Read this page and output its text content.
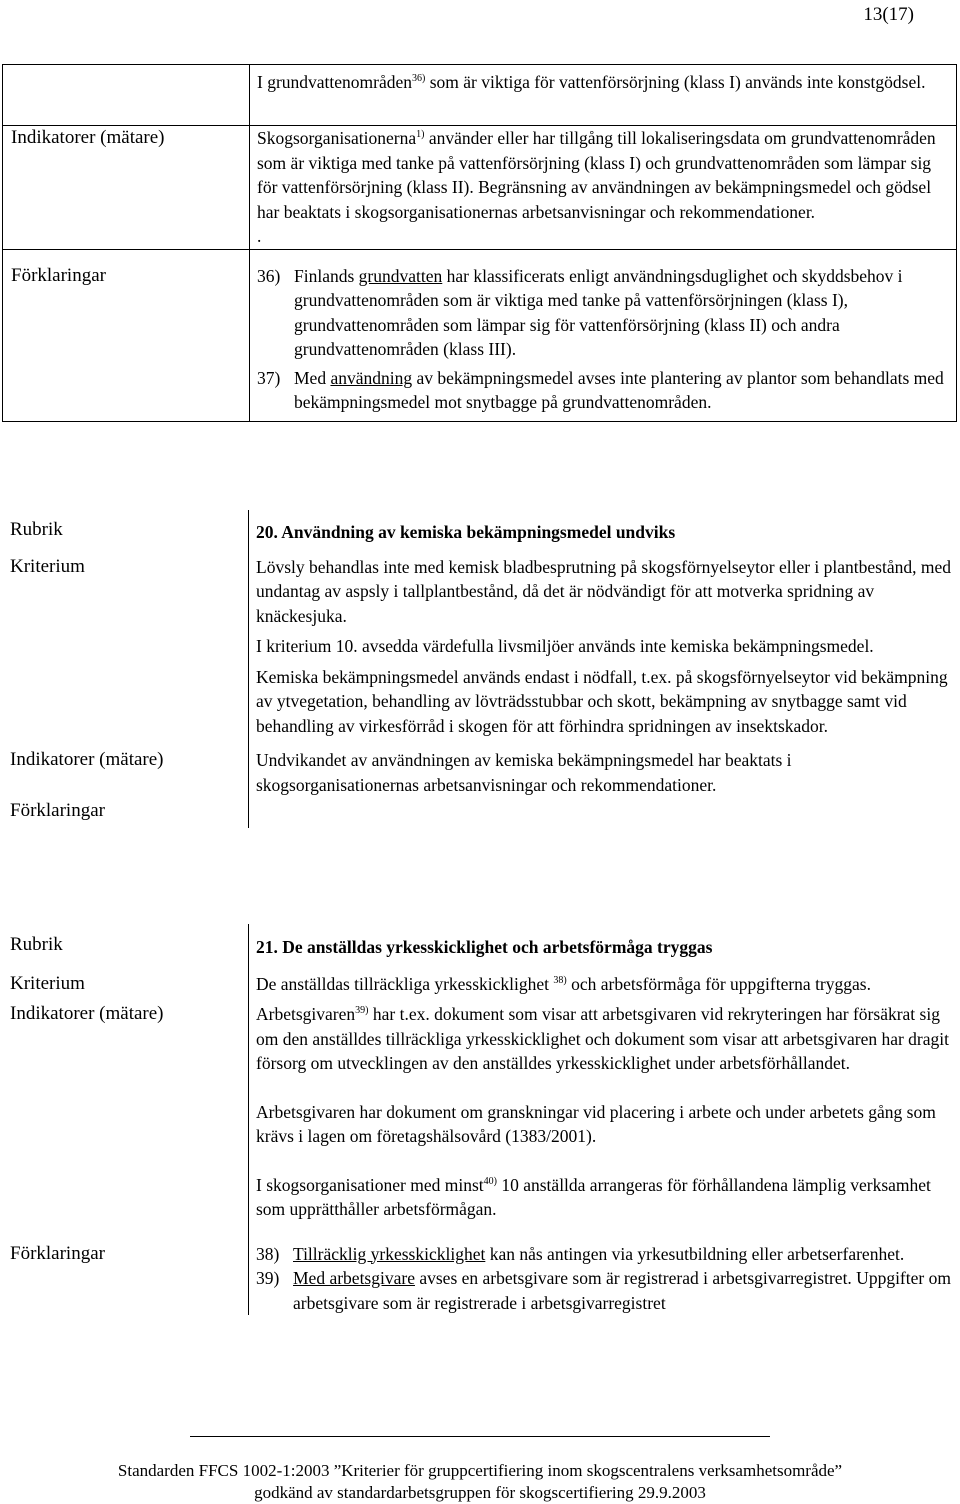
13(17)
	I grundvattenområden$^{36)}$ som är viktiga för vattenförsörjning (klass I) används inte konstgödsel.

Indikatorer (mätare)	Skogsorganisationerna$^{1)}$ använder eller har tillgång till lokaliseringsdata om grundvattenområden som är viktiga med tanke på vattenförsörjning (klass I) och grundvattenområden som lämpar sig för vattenförsörjning (klass II). Begränsning av användningen av bekämpningsmedel och gödsel har beaktats i skogsorganisationernas arbetsanvisningar och rekommendationer.
.

Förklaringar	36) Finlands grundvatten har klassificerats enligt användningsduglighet och skyddsbehov i grundvattenområden som är viktiga med tanke på vattenförsörjningen (klass I), grundvattenområden som lämpar sig för vattenförsörjning (klass II) och andra grundvattenområden (klass III).
37) Med användning av bekämpningsmedel avses inte plantering av plantor som behandlats med bekämpningsmedel mot snytbagge på grundvattenområden.
Rubrik	20. Användning av kemiska bekämpningsmedel undviks
Kriterium	Lövsly behandlas inte med kemisk bladbesprutning på skogsförnyelseytor eller i plantbestånd, med undantag av aspsly i tallplantbestånd, då det är nödvändigt för att motverka spridning av knäckesjuka.

I kriterium 10. avsedda värdefulla livsmiljöer används inte kemiska bekämpningsmedel.

Kemiska bekämpningsmedel används endast i nödfall, t.ex. på skogsförnyelseytor vid bekämpning av ytvegetation, behandling av lövträdsstubbar och skott, bekämpning av snytbagge samt vid behandling av virkesförråd i skogen för att förhindra spridningen av insektskador.

Indikatorer (mätare)	Undvikandet av användningen av kemiska bekämpningsmedel har beaktats i skogsorganisationernas arbetsanvisningar och rekommendationer.
Förklaringar	
Rubrik	21. De anställdas yrkesskicklighet och arbetsförmåga tryggas
Kriterium	De anställdas tillräckliga yrkesskicklighet $^{38)}$ och arbetsförmåga för uppgifterna tryggas.
Indikatorer (mätare)	Arbetsgivaren$^{39)}$ har t.ex. dokument som visar att arbetsgivaren vid rekryteringen har försäkrat sig om den anställdes tillräckliga yrkesskicklighet och dokument som visar att arbetsgivaren har dragit försorg om utvecklingen av den anställdes yrkesskicklighet under arbetsförhållandet.

Arbetsgivaren har dokument om granskningar vid placering i arbete och under arbetets gång som krävs i lagen om företagshälsovård (1383/2001).

I skogsorganisationer med minst$^{40)}$ 10 anställda arrangeras för förhållandena lämplig verksamhet som upprätthåller arbetsförmågan.

Förklaringar	38) Tillräcklig yrkesskicklighet kan nås antingen via yrkesutbildning eller arbetserfarenhet.
39) Med arbetsgivare avses en arbetsgivare som är registrerad i arbetsgivarregistret. Uppgifter om arbetsgivare som är registrerade i arbetsgivarregistret
Standarden FFCS 1002-1:2003 ”Kriterier för gruppcertifiering inom skogscentralens verksamhetsområde”
godkänd av standardarbetsgruppen för skogscertifiering 29.9.2003
